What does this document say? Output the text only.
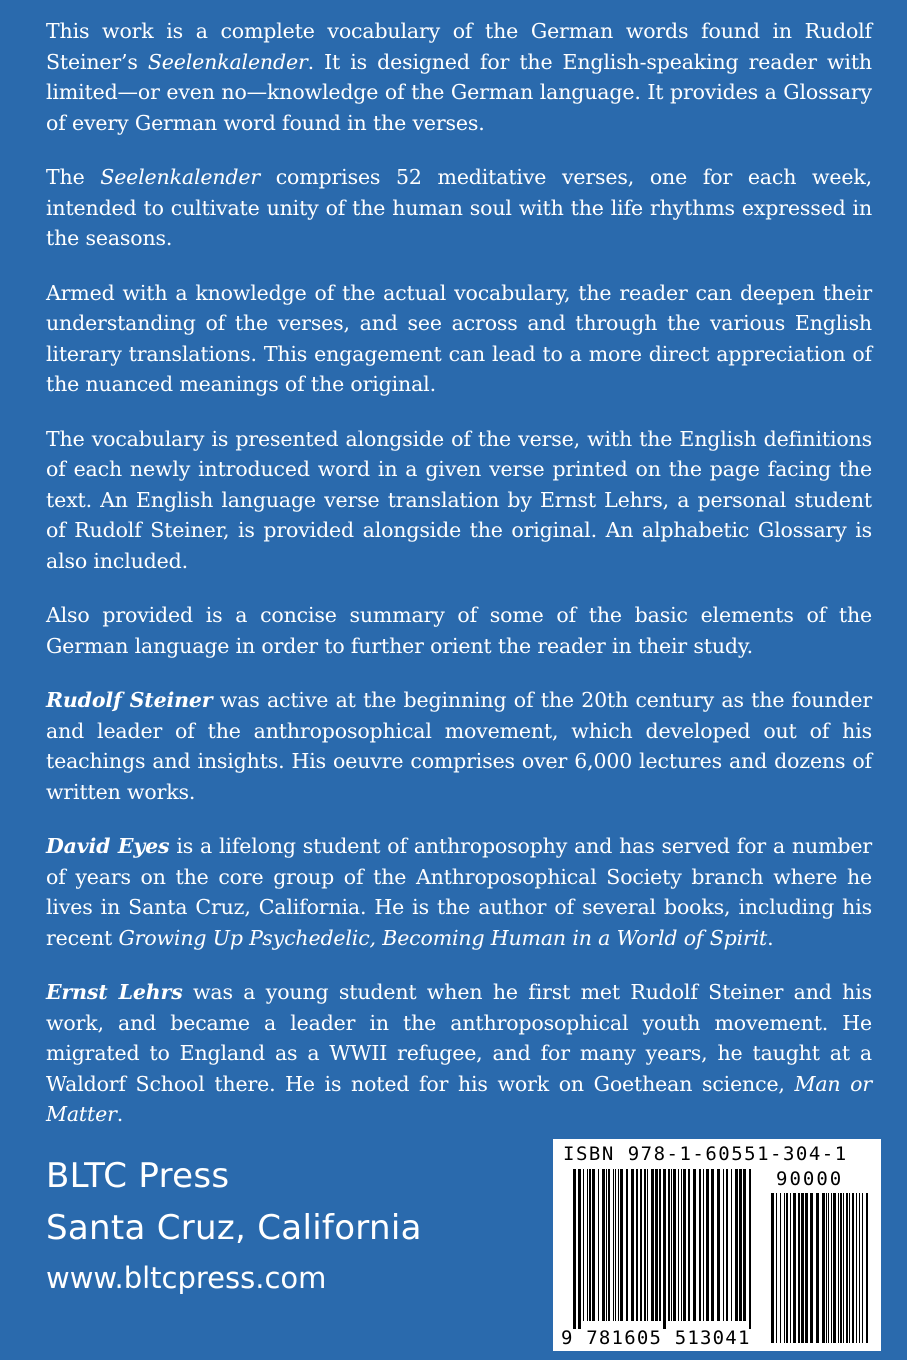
This work is a complete vocabulary of the German words found in Rudolf Steiner’s Seelenkalender. It is designed for the English-speaking reader with limited—or even no—knowledge of the German language. It provides a Glossary of every German word found in the verses.

The Seelenkalender comprises 52 meditative verses, one for each week, intended to cultivate unity of the human soul with the life rhythms expressed in the seasons.

Armed with a knowledge of the actual vocabulary, the reader can deepen their understanding of the verses, and see across and through the various English literary translations. This engagement can lead to a more direct appreciation of the nuanced meanings of the original.

The vocabulary is presented alongside of the verse, with the English definitions of each newly introduced word in a given verse printed on the page facing the text. An English language verse translation by Ernst Lehrs, a personal student of Rudolf Steiner, is provided alongside the original. An alphabetic Glossary is also included.

Also provided is a concise summary of some of the basic elements of the German language in order to further orient the reader in their study.

Rudolf Steiner was active at the beginning of the 20th century as the founder and leader of the anthroposophical movement, which developed out of his teachings and insights. His oeuvre comprises over 6,000 lectures and dozens of written works.

David Eyes is a lifelong student of anthroposophy and has served for a number of years on the core group of the Anthroposophical Society branch where he lives in Santa Cruz, California. He is the author of several books, including his recent Growing Up Psychedelic, Becoming Human in a World of Spirit.

Ernst Lehrs was a young student when he first met Rudolf Steiner and his work, and became a leader in the anthroposophical youth movement. He migrated to England as a WWII refugee, and for many years, he taught at a Waldorf School there. He is noted for his work on Goethean science, Man or Matter.

BLTC Press
Santa Cruz, California
www.bltcpress.com
ISBN 978-1-60551-304-1
90000
9 781605 513041
